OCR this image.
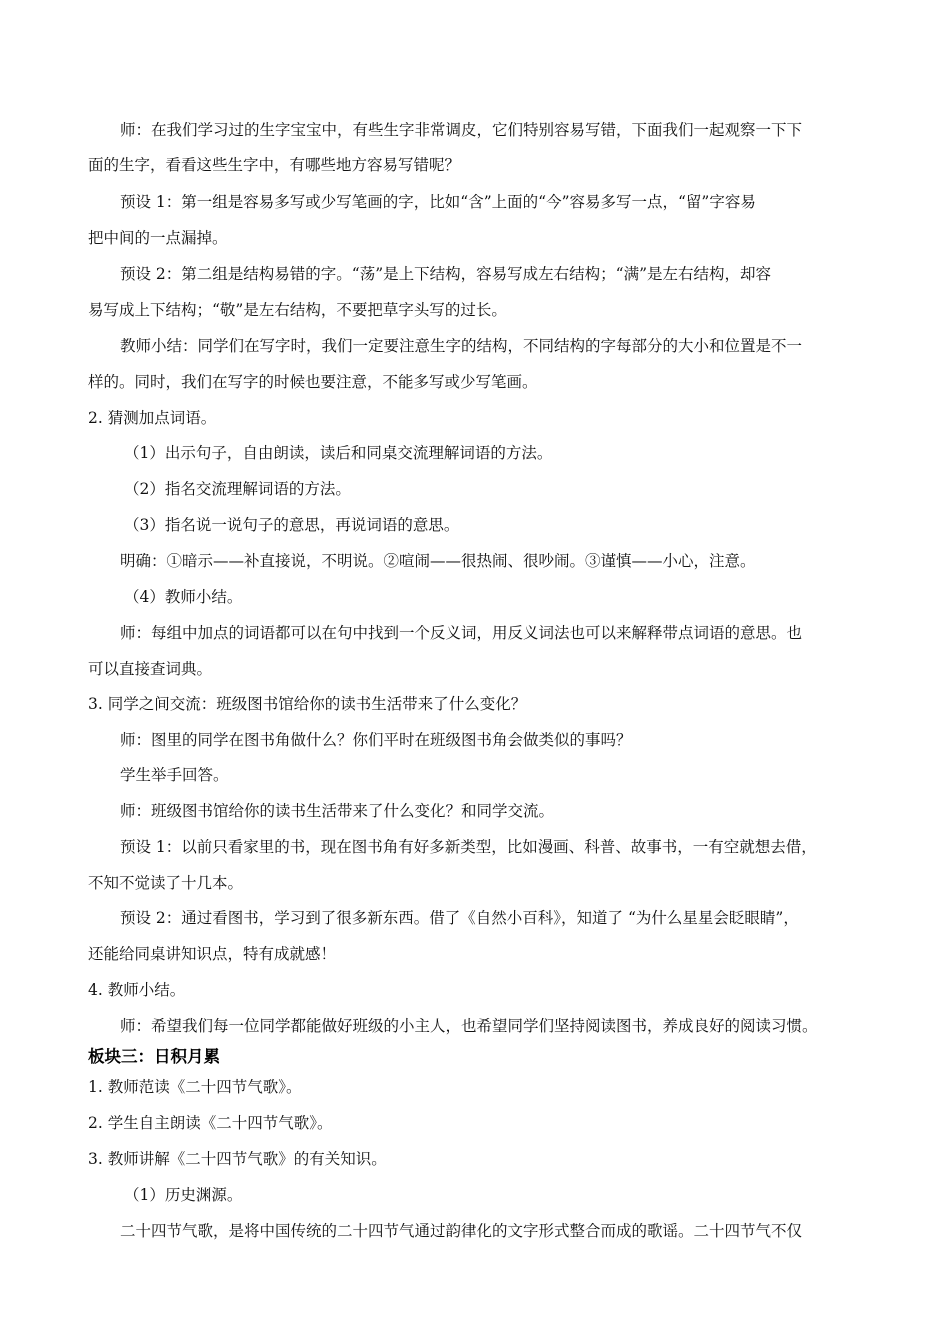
师：在我们学习过的生字宝宝中，有些生字非常调皮，它们特别容易写错，下面我们一起观察一下下
面的生字，看看这些生字中，有哪些地方容易写错呢？
预设 1：第一组是容易多写或少写笔画的字，比如“含”上面的“今”容易多写一点，“留”字容易
把中间的一点漏掉。
预设 2：第二组是结构易错的字。“荡”是上下结构，容易写成左右结构；“满”是左右结构，却容
易写成上下结构；“敬”是左右结构，不要把草字头写的过长。
教师小结：同学们在写字时，我们一定要注意生字的结构，不同结构的字每部分的大小和位置是不一
样的。同时，我们在写字的时候也要注意，不能多写或少写笔画。
2. 猜测加点词语。
（1）出示句子，自由朗读，读后和同桌交流理解词语的方法。
（2）指名交流理解词语的方法。
（3）指名说一说句子的意思，再说词语的意思。
明确：①暗示——补直接说，不明说。②喧闹——很热闹、很吵闹。③谨慎——小心，注意。
（4）教师小结。
师：每组中加点的词语都可以在句中找到一个反义词，用反义词法也可以来解释带点词语的意思。也
可以直接查词典。
3. 同学之间交流：班级图书馆给你的读书生活带来了什么变化？
师：图里的同学在图书角做什么？你们平时在班级图书角会做类似的事吗？
学生举手回答。
师：班级图书馆给你的读书生活带来了什么变化？和同学交流。
预设 1：以前只看家里的书，现在图书角有好多新类型，比如漫画、科普、故事书，一有空就想去借，
不知不觉读了十几本。
预设 2：通过看图书，学习到了很多新东西。借了《自然小百科》，知道了 “为什么星星会眨眼睛”，
还能给同桌讲知识点，特有成就感！
4. 教师小结。
师：希望我们每一位同学都能做好班级的小主人，也希望同学们坚持阅读图书，养成良好的阅读习惯。
板块三：日积月累
1. 教师范读《二十四节气歌》。
2. 学生自主朗读《二十四节气歌》。
3. 教师讲解《二十四节气歌》的有关知识。
（1）历史渊源。
二十四节气歌，是将中国传统的二十四节气通过韵律化的文字形式整合而成的歌谣。二十四节气不仅
